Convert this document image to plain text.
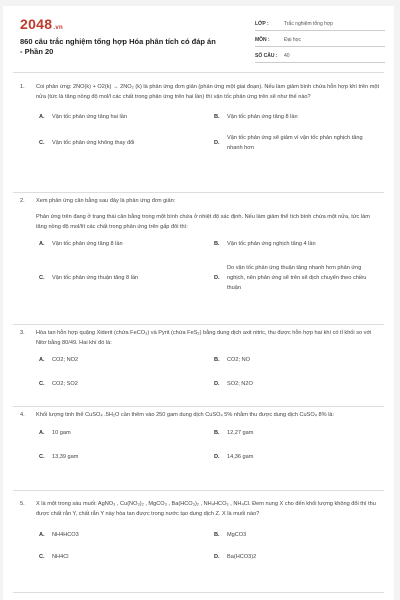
2048.vn
860 câu trắc nghiệm tổng hợp Hóa phân tích có đáp án - Phần 20
LỚP :	Trắc nghiệm tổng hợp
MÔN :	Đại học
SỐ CÂU :	40
1.	Coi phản ứng: 2NO(k) + O2(k) → 2NO₂ (k) là phản ứng đơn giản (phản ứng một giai đoạn). Nếu làm giảm bình chứa hỗn hợp khí trên một nửa (tức là tăng nồng độ mol/l các chất trong phản ứng trên hai lần) thì vận tốc phản ứng trên sẽ như thế nào?
A.	Vận tốc phản ứng tăng hai lần	B.	Vận tốc phản ứng tăng 8 lần
C.	Vận tốc phản ứng không thay đổi	D.
Vận tốc phản ứng sẽ giảm vì vận tốc phản nghịch tăng nhanh hơn
2.	Xem phản ứng cân bằng sau đây là phản ứng đơn giản:
Phản ứng trên đang ở trạng thái cân bằng trong một bình chứa ở nhiệt độ xác định. Nếu làm giảm thể tích bình chứa một nửa, tức làm tăng nồng độ mol/lít các chất trong phản ứng trên gấp đôi thì:
A.	Vận tốc phản ứng tăng 8 lần	B.	Vận tốc phản ứng nghịch tăng 4 lần
C.	Vận tốc phản ứng thuận tăng 8 lần	D.
Do vận tốc phản ứng thuận tăng nhanh hơn phản ứng nghịch, nên phản ứng sẽ trên sẽ dịch chuyển theo chiều thuận
3.	Hòa tan hỗn hợp quặng Xiderit (chứa FeCO₃) và Pyrit (chứa FeS₂) bằng dung dịch axit nitric, thu được hỗn hợp hai khí có tỉ khối so với Nitơ bằng 80/49. Hai khí đó là:
A.	CO2; NO2	B.	CO2; NO
C.	CO2; SO2	D.	SO2; N2O
4.	Khối lượng tinh thể CuSO₄ .5H₂O cần thêm vào 250 gam dung dịch CuSO₄ 5% nhằm thu được dung dịch CuSO₄ 8% là:
A.	10 gam	B.	12,27 gam
C.	13,39 gam	D.	14,36 gam
5.	X là một trong sáu muối: AgNO₃ , Cu(NO₃)₂ , MgCO₃ , Ba(HCO₃)₂ , NH₄HCO₃ , NH₄Cl. Đem nung X cho đến khối lượng không đổi thì thu được chất rắn Y, chất rắn Y này hòa tan được trong nước tạo dung dịch Z. X là muối nào?
A.	NH4HCO3	B.	MgCO3
C.	NH4Cl	D.	Ba(HCO3)2
